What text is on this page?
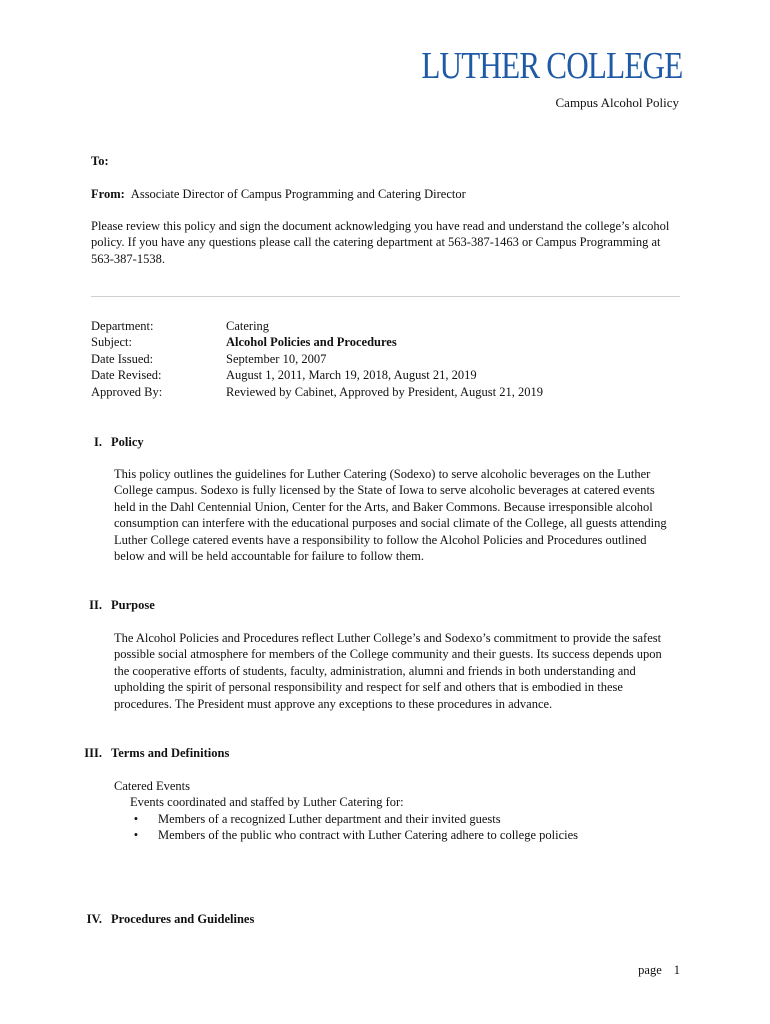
LUTHER COLLEGE
Campus Alcohol Policy
To:
From: Associate Director of Campus Programming and Catering Director
Please review this policy and sign the document acknowledging you have read and understand the college’s alcohol policy. If you have any questions please call the catering department at 563-387-1463 or Campus Programming at 563-387-1538.
Department:	Catering
Subject:	Alcohol Policies and Procedures
Date Issued:	September 10, 2007
Date Revised:	August 1, 2011, March 19, 2018, August 21, 2019
Approved By:	Reviewed by Cabinet, Approved by President, August 21, 2019
I. Policy
This policy outlines the guidelines for Luther Catering (Sodexo) to serve alcoholic beverages on the Luther College campus. Sodexo is fully licensed by the State of Iowa to serve alcoholic beverages at catered events held in the Dahl Centennial Union, Center for the Arts, and Baker Commons. Because irresponsible alcohol consumption can interfere with the educational purposes and social climate of the College, all guests attending Luther College catered events have a responsibility to follow the Alcohol Policies and Procedures outlined below and will be held accountable for failure to follow them.
II. Purpose
The Alcohol Policies and Procedures reflect Luther College’s and Sodexo’s commitment to provide the safest possible social atmosphere for members of the College community and their guests. Its success depends upon the cooperative efforts of students, faculty, administration, alumni and friends in both understanding and upholding the spirit of personal responsibility and respect for self and others that is embodied in these procedures. The President must approve any exceptions to these procedures in advance.
III. Terms and Definitions
Catered Events
Events coordinated and staffed by Luther Catering for:
•	Members of a recognized Luther department and their invited guests
•	Members of the public who contract with Luther Catering adhere to college policies
IV. Procedures and Guidelines
page 1
